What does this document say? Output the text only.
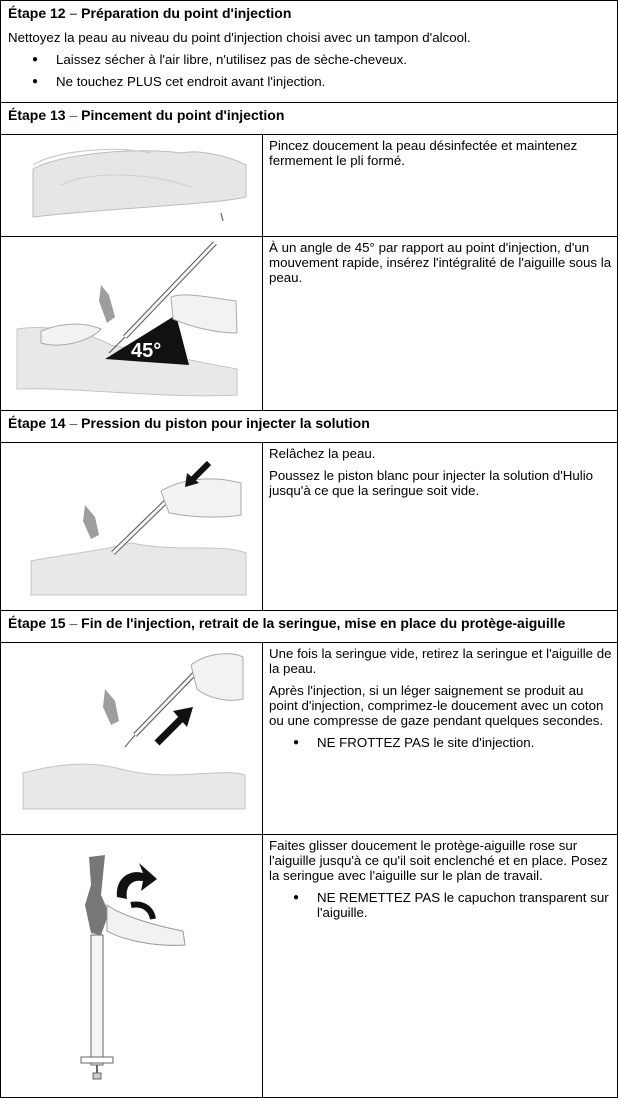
Étape 12 – Préparation du point d'injection

Nettoyez la peau au niveau du point d'injection choisi avec un tampon d'alcool.

● Laissez sécher à l'air libre, n'utilisez pas de sèche-cheveux.
● Ne touchez PLUS cet endroit avant l'injection.
Étape 13 – Pincement du point d'injection

Pincez doucement la peau désinfectée et maintenez fermement le pli formé.

45°

À un angle de 45° par rapport au point d'injection, d'un mouvement rapide, insérez l'intégralité de l'aiguille sous la peau.

Étape 14 – Pression du piston pour injecter la solution

Relâchez la peau.

Poussez le piston blanc pour injecter la solution d'Hulio jusqu'à ce que la seringue soit vide.

Étape 15 – Fin de l'injection, retrait de la seringue, mise en place du protège-aiguille

Une fois la seringue vide, retirez la seringue et l'aiguille de la peau.

Après l'injection, si un léger saignement se produit au point d'injection, comprimez-le doucement avec un coton ou une compresse de gaze pendant quelques secondes.

● NE FROTTEZ PAS le site d'injection.

Faites glisser doucement le protège-aiguille rose sur l'aiguille jusqu'à ce qu'il soit enclenché et en place. Posez la seringue avec l'aiguille sur le plan de travail.

● NE REMETTEZ PAS le capuchon transparent sur l'aiguille.
